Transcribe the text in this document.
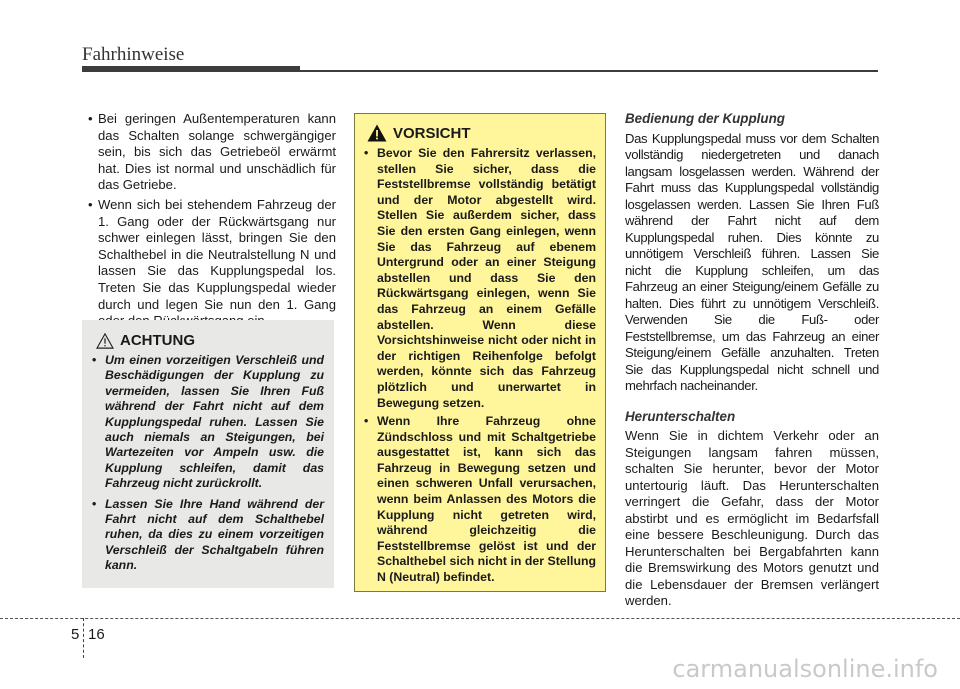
Fahrhinweise
• Bei geringen Außentemperaturen kann das Schalten solange schwergängiger sein, bis sich das Getriebeöl erwärmt hat. Dies ist normal und unschädlich für das Getriebe.
• Wenn sich bei stehendem Fahrzeug der 1. Gang oder der Rückwärtsgang nur schwer einlegen lässt, bringen Sie den Schalthebel in die Neutralstellung N und lassen Sie das Kupplungspedal los. Treten Sie das Kupplungspedal wieder durch und legen Sie nun den 1. Gang
ACHTUNG
• Um einen vorzeitigen Verschleiß und Beschädigungen der Kupplung zu vermeiden, lassen Sie Ihren Fuß während der Fahrt nicht auf dem Kupplungspedal ruhen. Lassen Sie auch niemals an Steigungen, bei Wartezeiten vor Ampeln usw. die Kupplung schleifen, damit das Fahrzeug nicht zurückrollt.
• Lassen Sie Ihre Hand während der Fahrt nicht auf dem Schalthebel ruhen, da dies zu einem vorzeitigen Verschleiß der Schaltgabeln führen kann.
VORSICHT
• Bevor Sie den Fahrersitz verlassen, stellen Sie sicher, dass die Feststellbremse vollständig betätigt und der Motor abgestellt wird. Stellen Sie außerdem sicher, dass Sie den ersten Gang einlegen, wenn Sie das Fahrzeug auf ebenem Untergrund oder an einer Steigung abstellen und dass Sie den Rückwärtsgang einlegen, wenn Sie das Fahrzeug an einem Gefälle abstellen. Wenn diese Vorsichtshinweise nicht oder nicht in der richtigen Reihenfolge befolgt werden, könnte sich das Fahrzeug plötzlich und unerwartet in Bewegung setzen.
• Wenn Ihre Fahrzeug ohne Zündschloss und mit Schaltgetriebe ausgestattet ist, kann sich das Fahrzeug in Bewegung setzen und einen schweren Unfall verursachen, wenn beim Anlassen des Motors die Kupplung nicht getreten wird, während gleichzeitig die Feststellbremse gelöst ist und der Schalthebel sich nicht in der Stellung N (Neutral) befindet.
Bedienung der Kupplung

Das Kupplungspedal muss vor dem Schalten vollständig niedergetreten und danach langsam losgelassen werden. Während der Fahrt muss das Kupplungspedal vollständig losgelassen werden. Lassen Sie Ihren Fuß während der Fahrt nicht auf dem Kupplungspedal ruhen. Dies könnte zu unnötigem Verschleiß führen. Lassen Sie nicht die Kupplung schleifen, um das Fahrzeug an einer Steigung/einem Gefälle zu halten. Dies führt zu unnötigem Verschleiß. Verwenden Sie die Fuß- oder Feststellbremse, um das Fahrzeug an einer Steigung/einem Gefälle anzuhalten. Treten Sie das Kupplungspedal nicht schnell und mehrfach nacheinander.

Herunterschalten

Wenn Sie in dichtem Verkehr oder an Steigungen langsam fahren müssen, schalten Sie herunter, bevor der Motor untertourig läuft. Das Herunterschalten verringert die Gefahr, dass der Motor abstirbt und es ermöglicht im Bedarfsfall eine bessere Beschleunigung. Durch das Herunterschalten bei Bergabfahrten kann die Bremswirkung des Motors genutzt und die Lebensdauer der Bremsen verlängert werden.

5 16
carmanualsonline.info
